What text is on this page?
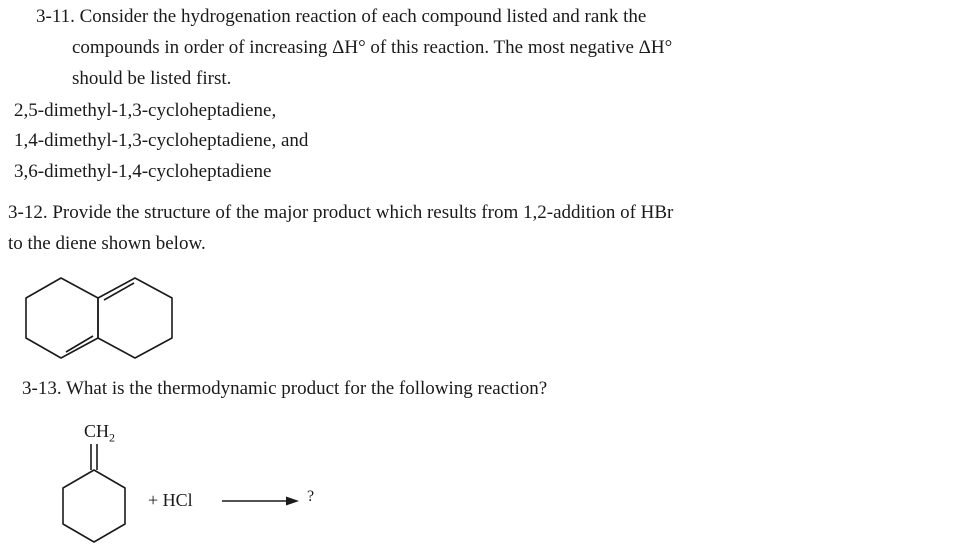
3-11. Consider the hydrogenation reaction of each compound listed and rank the
compounds in order of increasing ΔH° of this reaction. The most negative ΔH°
should be listed first.
2,5-dimethyl-1,3-cycloheptadiene,
1,4-dimethyl-1,3-cycloheptadiene, and
3,6-dimethyl-1,4-cycloheptadiene
3-12. Provide the structure of the major product which results from 1,2-addition of HBr
to the diene shown below.
3-13. What is the thermodynamic product for the following reaction?
$CH_2$
+ HCl	?
